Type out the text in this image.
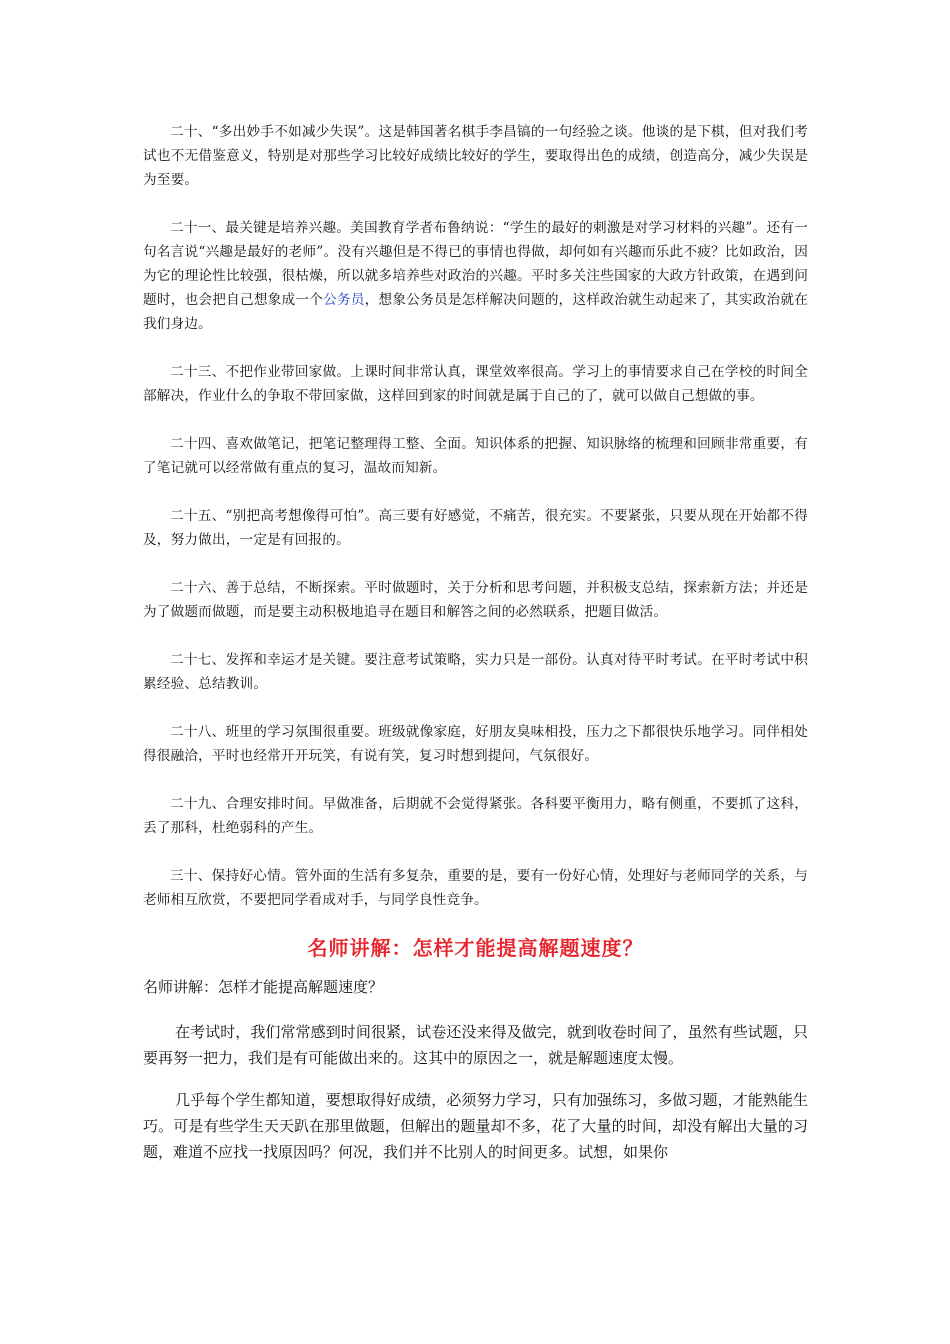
二十、“多出妙手不如减少失误”。这是韩国著名棋手李昌镐的一句经验之谈。他谈的是下棋，但对我们考试也不无借鉴意义，特别是对那些学习比较好成绩比较好的学生，要取得出色的成绩，创造高分，减少失误是为至要。

二十一、最关键是培养兴趣。美国教育学者布鲁纳说：“学生的最好的刺激是对学习材料的兴趣”。还有一句名言说“兴趣是最好的老师”。没有兴趣但是不得已的事情也得做，却何如有兴趣而乐此不疲？比如政治，因为它的理论性比较强，很枯燥，所以就多培养些对政治的兴趣。平时多关注些国家的大政方针政策，在遇到问题时，也会把自己想象成一个公务员，想象公务员是怎样解决问题的，这样政治就生动起来了，其实政治就在我们身边。

二十三、不把作业带回家做。上课时间非常认真，课堂效率很高。学习上的事情要求自己在学校的时间全部解决，作业什么的争取不带回家做，这样回到家的时间就是属于自己的了，就可以做自己想做的事。

二十四、喜欢做笔记，把笔记整理得工整、全面。知识体系的把握、知识脉络的梳理和回顾非常重要，有了笔记就可以经常做有重点的复习，温故而知新。

二十五、“别把高考想像得可怕”。高三要有好感觉，不痛苦，很充实。不要紧张，只要从现在开始都不得及，努力做出，一定是有回报的。

二十六、善于总结，不断探索。平时做题时，关于分析和思考问题，并积极支总结，探索新方法；并还是为了做题而做题，而是要主动积极地追寻在题目和解答之间的必然联系，把题目做活。

二十七、发挥和幸运才是关键。要注意考试策略，实力只是一部份。认真对待平时考试。在平时考试中积累经验、总结教训。

二十八、班里的学习氛围很重要。班级就像家庭，好朋友臭味相投，压力之下都很快乐地学习。同伴相处得很融洽，平时也经常开开玩笑，有说有笑，复习时想到提问，气氛很好。

二十九、合理安排时间。早做准备，后期就不会觉得紧张。各科要平衡用力，略有侧重，不要抓了这科，丢了那科，杜绝弱科的产生。

三十、保持好心情。管外面的生活有多复杂，重要的是，要有一份好心情，处理好与老师同学的关系，与老师相互欣赏，不要把同学看成对手，与同学良性竞争。

名师讲解：怎样才能提高解题速度？

名师讲解：怎样才能提高解题速度？

在考试时，我们常常感到时间很紧，试卷还没来得及做完，就到收卷时间了，虽然有些试题，只要再努一把力，我们是有可能做出来的。这其中的原因之一，就是解题速度太慢。

几乎每个学生都知道，要想取得好成绩，必须努力学习，只有加强练习，多做习题，才能熟能生巧。可是有些学生天天趴在那里做题，但解出的题量却不多，花了大量的时间，却没有解出大量的习题，难道不应找一找原因吗？何况，我们并不比别人的时间更多。试想，如果你
